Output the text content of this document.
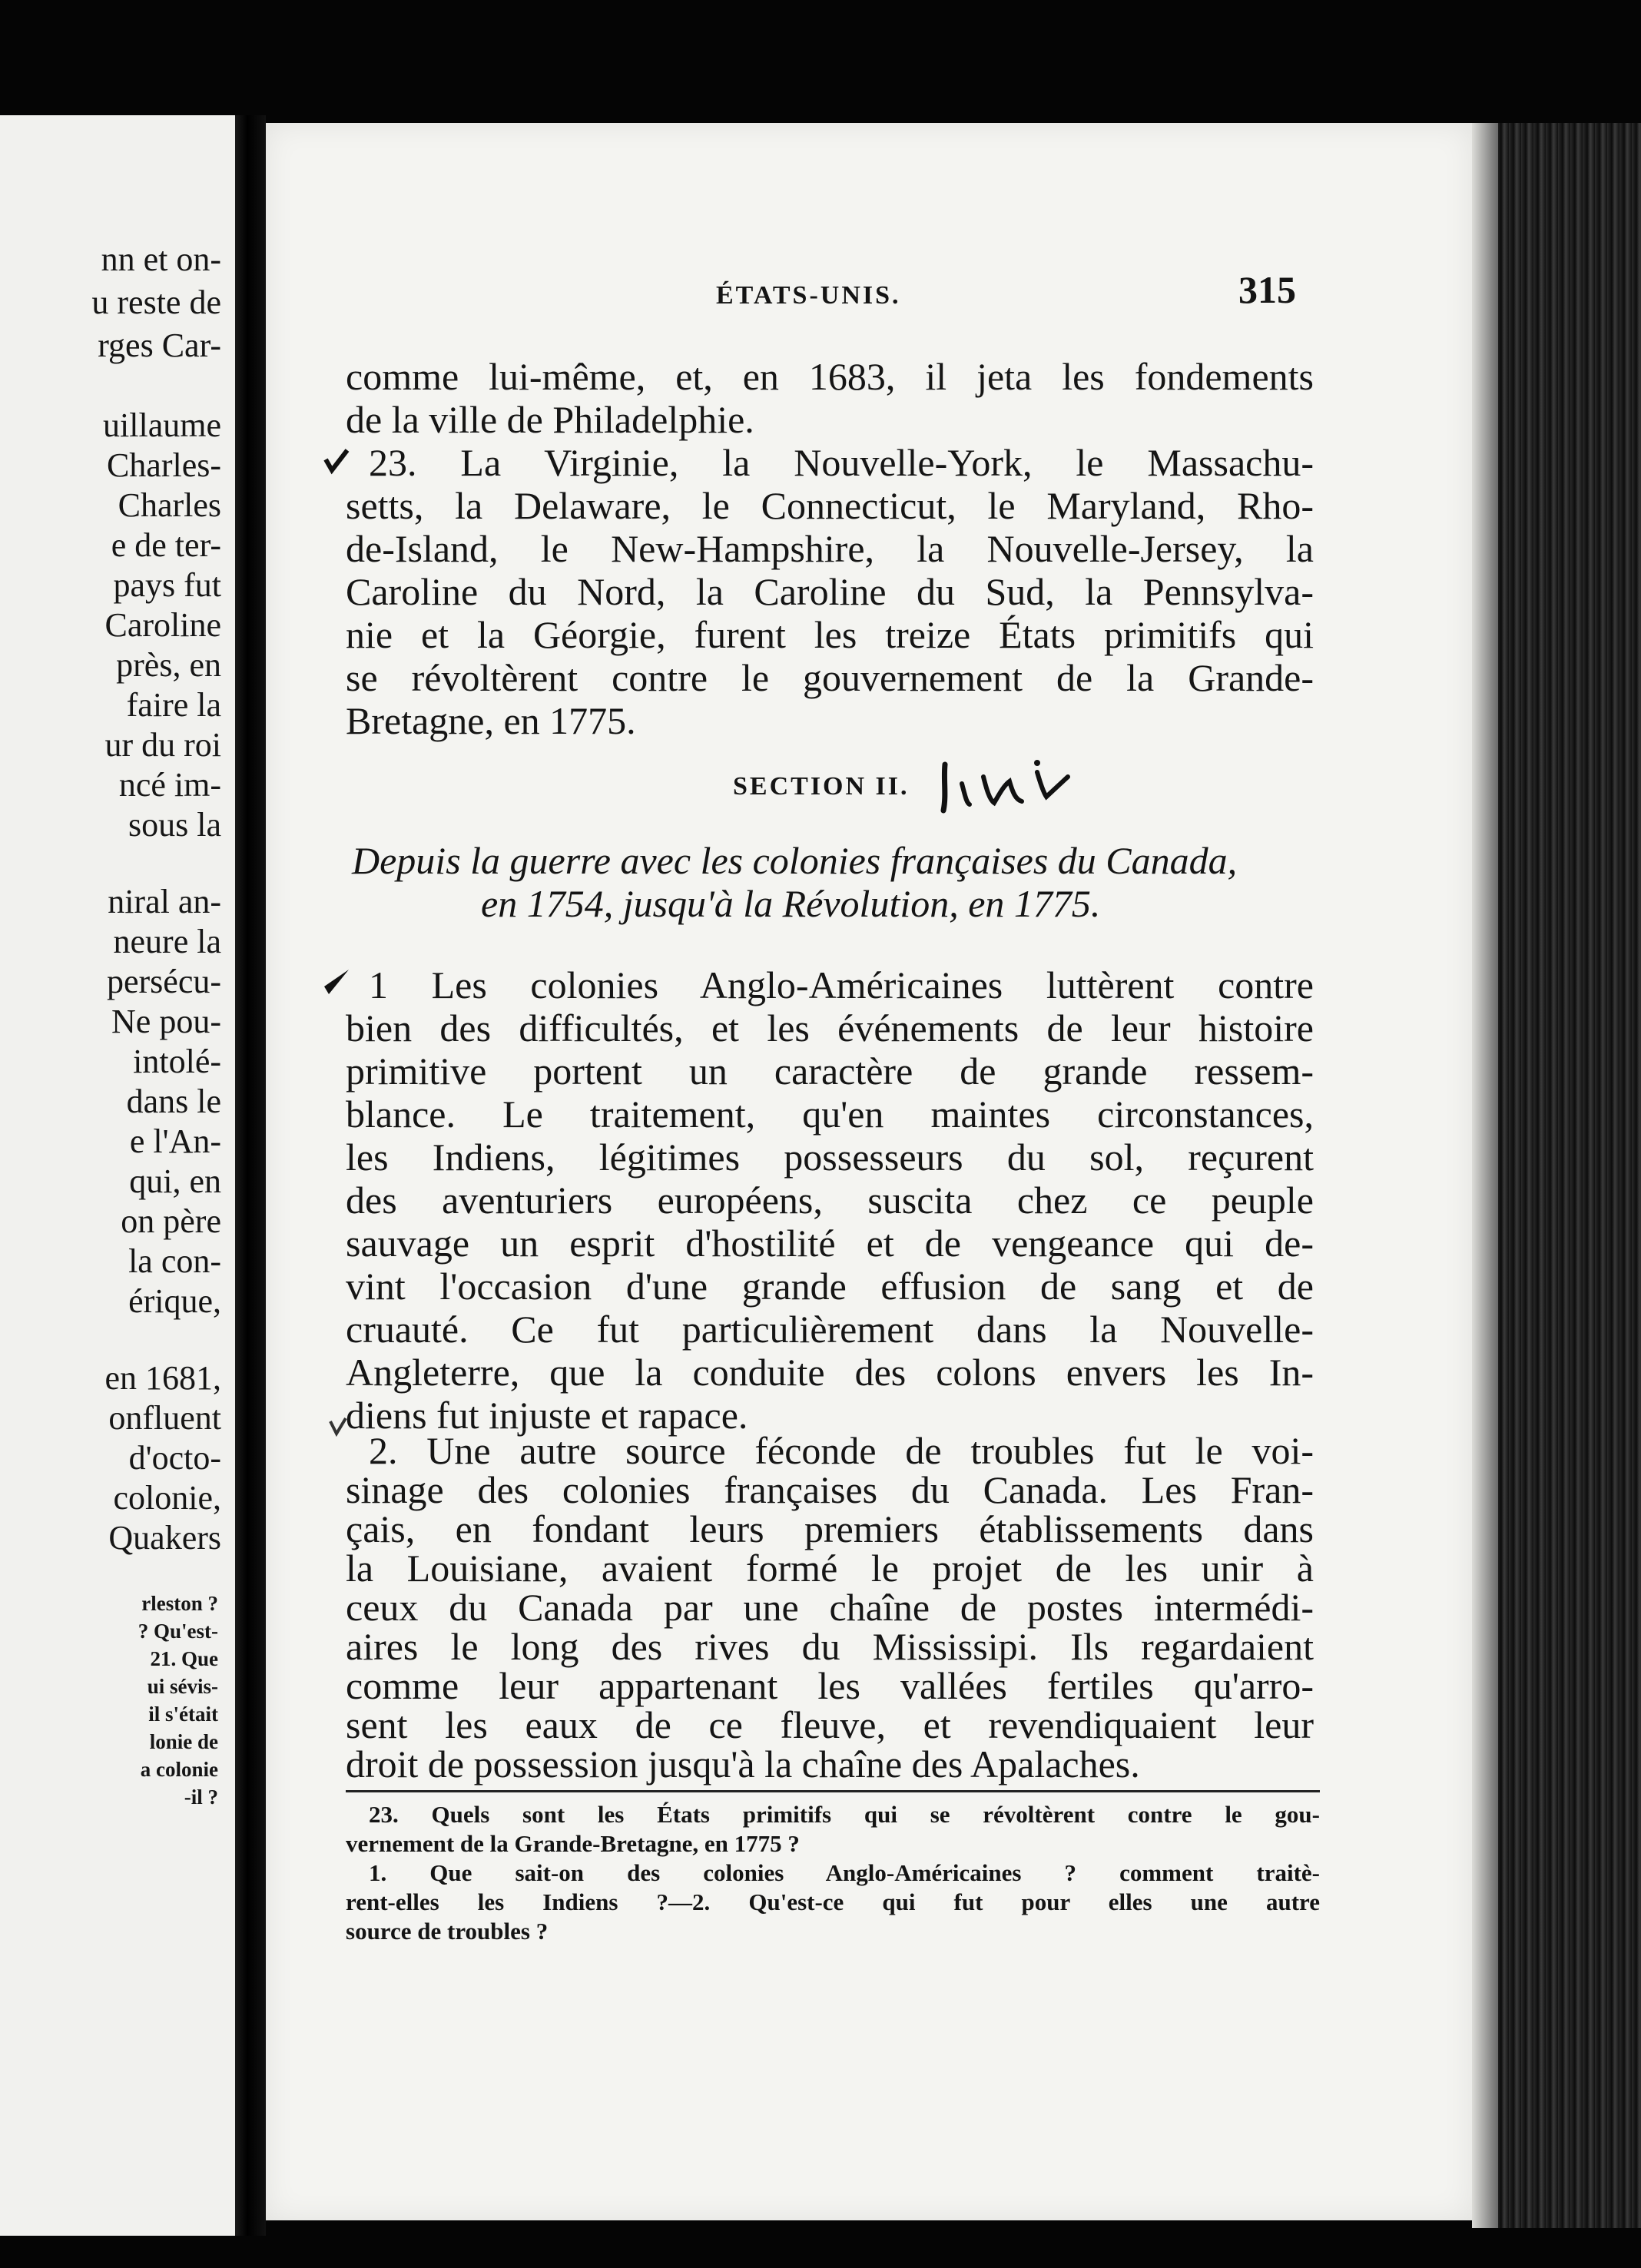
nn et on-
u reste de
rges Car-
uillaume
Charles-
Charles
e de ter-
pays fut
Caroline
près, en
faire la
ur du roi
ncé im-
sous la
niral an-
neure la
persécu-
Ne pou-
intolé-
dans le
e l'An-
qui, en
on père
la con-
érique,
en 1681,
onfluent
d'octo-
colonie,
Quakers
rleston ?
? Qu'est-
21. Que
ui sévis-
il s'était
lonie de
a colonie
-il ?
ÉTATS-UNIS.	315
comme lui-même, et, en 1683, il jeta les fondements
de la ville de Philadelphie.
23. La Virginie, la Nouvelle-York, le Massachu-
setts, la Delaware, le Connecticut, le Maryland, Rho-
de-Island, le New-Hampshire, la Nouvelle-Jersey, la
Caroline du Nord, la Caroline du Sud, la Pennsylva-
nie et la Géorgie, furent les treize États primitifs qui
se révoltèrent contre le gouvernement de la Grande-
Bretagne, en 1775.
SECTION II.
Depuis la guerre avec les colonies françaises du Canada,
en 1754, jusqu'à la Révolution, en 1775.
1 Les colonies Anglo-Américaines luttèrent contre
bien des difficultés, et les événements de leur histoire
primitive portent un caractère de grande ressem-
blance. Le traitement, qu'en maintes circonstances,
les Indiens, légitimes possesseurs du sol, reçurent
des aventuriers européens, suscita chez ce peuple
sauvage un esprit d'hostilité et de vengeance qui de-
vint l'occasion d'une grande effusion de sang et de
cruauté. Ce fut particulièrement dans la Nouvelle-
Angleterre, que la conduite des colons envers les In-
diens fut injuste et rapace.
2. Une autre source féconde de troubles fut le voi-
sinage des colonies françaises du Canada. Les Fran-
çais, en fondant leurs premiers établissements dans
la Louisiane, avaient formé le projet de les unir à
ceux du Canada par une chaîne de postes intermédi-
aires le long des rives du Mississipi. Ils regardaient
comme leur appartenant les vallées fertiles qu'arro-
sent les eaux de ce fleuve, et revendiquaient leur
23. Quels sont les États primitifs qui se révoltèrent contre le gou-
vernement de la Grande-Bretagne, en 1775 ?
1. Que sait-on des colonies Anglo-Américaines ? comment traitè-
rent-elles les Indiens ?—2. Qu'est-ce qui fut pour elles une autre
source de troubles ?
droit de possession jusqu'à la chaîne des Apalaches.
